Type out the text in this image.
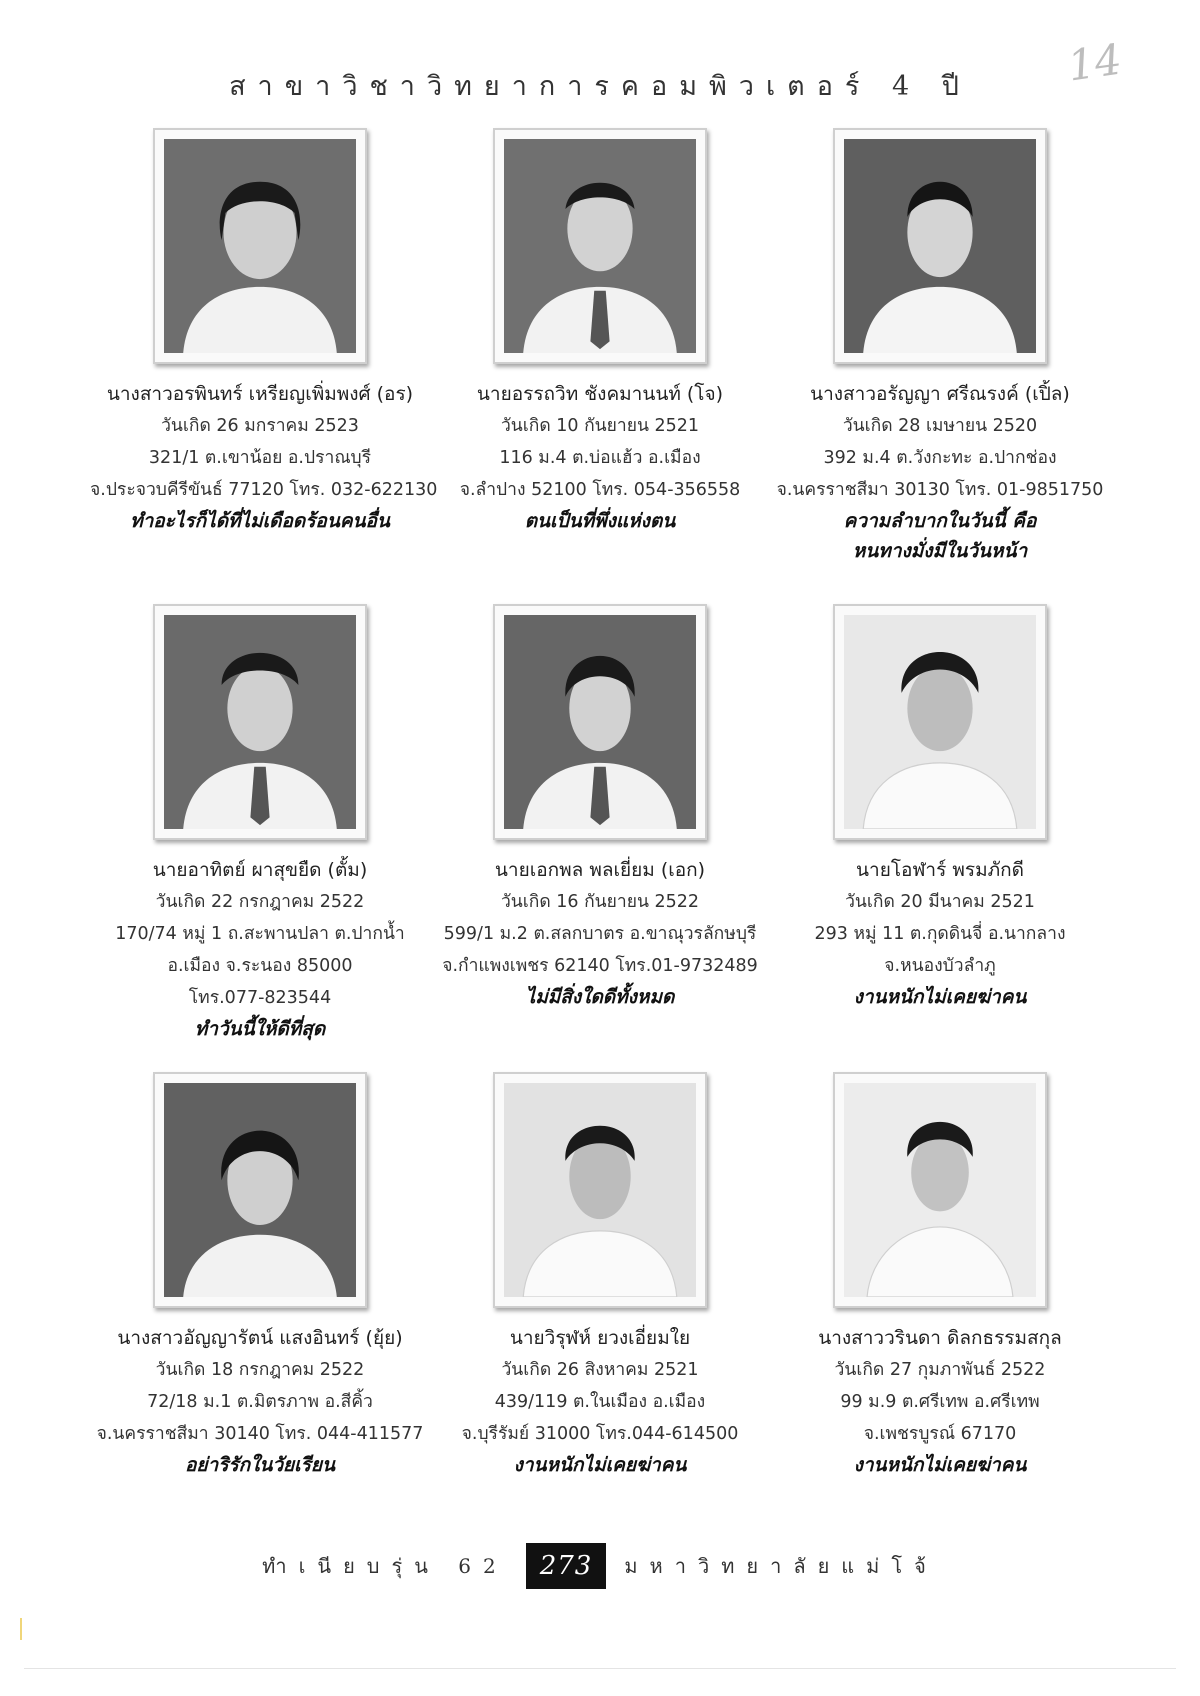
14
สาขาวิชาวิทยาการคอมพิวเตอร์ 4 ปี
นางสาวอรพินทร์ เหรียญเพิ่มพงศ์ (อร)
วันเกิด 26 มกราคม 2523
321/1 ต.เขาน้อย อ.ปราณบุรี
จ.ประจวบคีรีขันธ์ 77120 โทร. 032-622130
ทำอะไรก็ได้ที่ไม่เดือดร้อนคนอื่น
นายอรรถวิท ชังคมานนท์ (โจ)
วันเกิด 10 กันยายน 2521
116 ม.4 ต.บ่อแฮ้ว อ.เมือง
จ.ลำปาง 52100 โทร. 054-356558
ตนเป็นที่พึ่งแห่งตน
นางสาวอรัญญา ศรีณรงค์ (เปิ้ล)
วันเกิด 28 เมษายน 2520
392 ม.4 ต.วังกะทะ อ.ปากช่อง
จ.นครราชสีมา 30130 โทร. 01-9851750
ความลำบากในวันนี้ คือ
หนทางมั่งมีในวันหน้า
นายอาทิตย์ ผาสุขยืด (ตั้ม)
วันเกิด 22 กรกฎาคม 2522
170/74 หมู่ 1 ถ.สะพานปลา ต.ปากน้ำ
อ.เมือง จ.ระนอง 85000
โทร.077-823544
ทำวันนี้ให้ดีที่สุด
นายเอกพล พลเยี่ยม (เอก)
วันเกิด 16 กันยายน 2522
599/1 ม.2 ต.สลกบาตร อ.ขาณุวรลักษบุรี
จ.กำแพงเพชร 62140 โทร.01-9732489
ไม่มีสิ่งใดดีทั้งหมด
นายโอฬาร์ พรมภักดี
วันเกิด 20 มีนาคม 2521
293 หมู่ 11 ต.กุดดินจี่ อ.นากลาง
จ.หนองบัวลำภู
งานหนักไม่เคยฆ่าคน
นางสาวอัญญารัตน์ แสงอินทร์ (ยุ้ย)
วันเกิด 18 กรกฎาคม 2522
72/18 ม.1 ต.มิตรภาพ อ.สีคิ้ว
จ.นครราชสีมา 30140 โทร. 044-411577
อย่าริรักในวัยเรียน
นายวิรุฬห์ ยวงเอี่ยมใย
วันเกิด 26 สิงหาคม 2521
439/119 ต.ในเมือง อ.เมือง
จ.บุรีรัมย์ 31000 โทร.044-614500
งานหนักไม่เคยฆ่าคน
นางสาววรินดา ดิลกธรรมสกุล
วันเกิด 27 กุมภาพันธ์ 2522
99 ม.9 ต.ศรีเทพ อ.ศรีเทพ
จ.เพชรบูรณ์ 67170
งานหนักไม่เคยฆ่าคน
ทำเนียบรุ่น 62	273	มหาวิทยาลัยแม่โจ้
